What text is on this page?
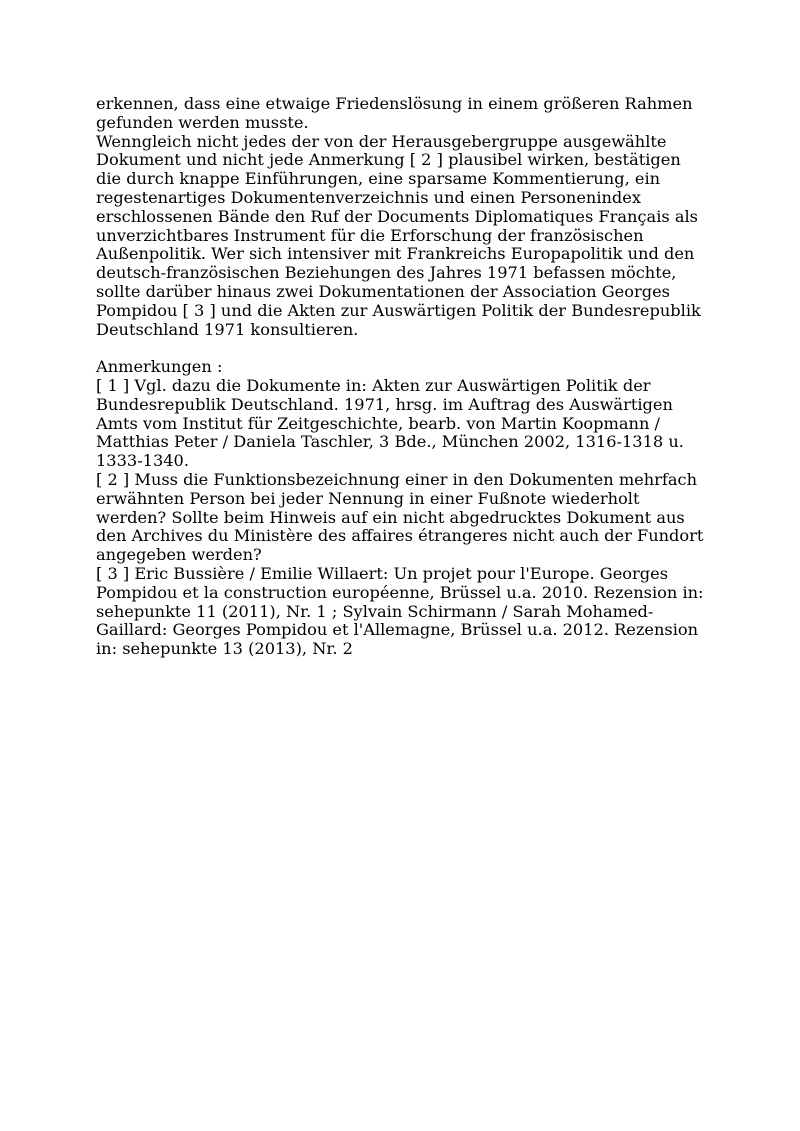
erkennen, dass eine etwaige Friedenslösung in einem größeren Rahmen
gefunden werden musste.

Wenngleich nicht jedes der von der Herausgebergruppe ausgewählte
Dokument und nicht jede Anmerkung [ 2 ] plausibel wirken, bestätigen
die durch knappe Einführungen, eine sparsame Kommentierung, ein
regestenartiges Dokumentenverzeichnis und einen Personenindex
erschlossenen Bände den Ruf der Documents Diplomatiques Français als
unverzichtbares Instrument für die Erforschung der französischen
Außenpolitik. Wer sich intensiver mit Frankreichs Europapolitik und den
deutsch-französischen Beziehungen des Jahres 1971 befassen möchte,
sollte darüber hinaus zwei Dokumentationen der Association Georges
Pompidou [ 3 ] und die Akten zur Auswärtigen Politik der Bundesrepublik
Deutschland 1971 konsultieren.

Anmerkungen :

[ 1 ] Vgl. dazu die Dokumente in: Akten zur Auswärtigen Politik der
Bundesrepublik Deutschland. 1971, hrsg. im Auftrag des Auswärtigen
Amts vom Institut für Zeitgeschichte, bearb. von Martin Koopmann /
Matthias Peter / Daniela Taschler, 3 Bde., München 2002, 1316-1318 u.
1333-1340.

[ 2 ] Muss die Funktionsbezeichnung einer in den Dokumenten mehrfach
erwähnten Person bei jeder Nennung in einer Fußnote wiederholt
werden? Sollte beim Hinweis auf ein nicht abgedrucktes Dokument aus
den Archives du Ministère des affaires étrangeres nicht auch der Fundort
angegeben werden?

[ 3 ] Eric Bussière / Emilie Willaert: Un projet pour l'Europe. Georges
Pompidou et la construction européenne, Brüssel u.a. 2010. Rezension in:
sehepunkte 11 (2011), Nr. 1 ; Sylvain Schirmann / Sarah Mohamed-
Gaillard: Georges Pompidou et l'Allemagne, Brüssel u.a. 2012. Rezension
in: sehepunkte 13 (2013), Nr. 2
